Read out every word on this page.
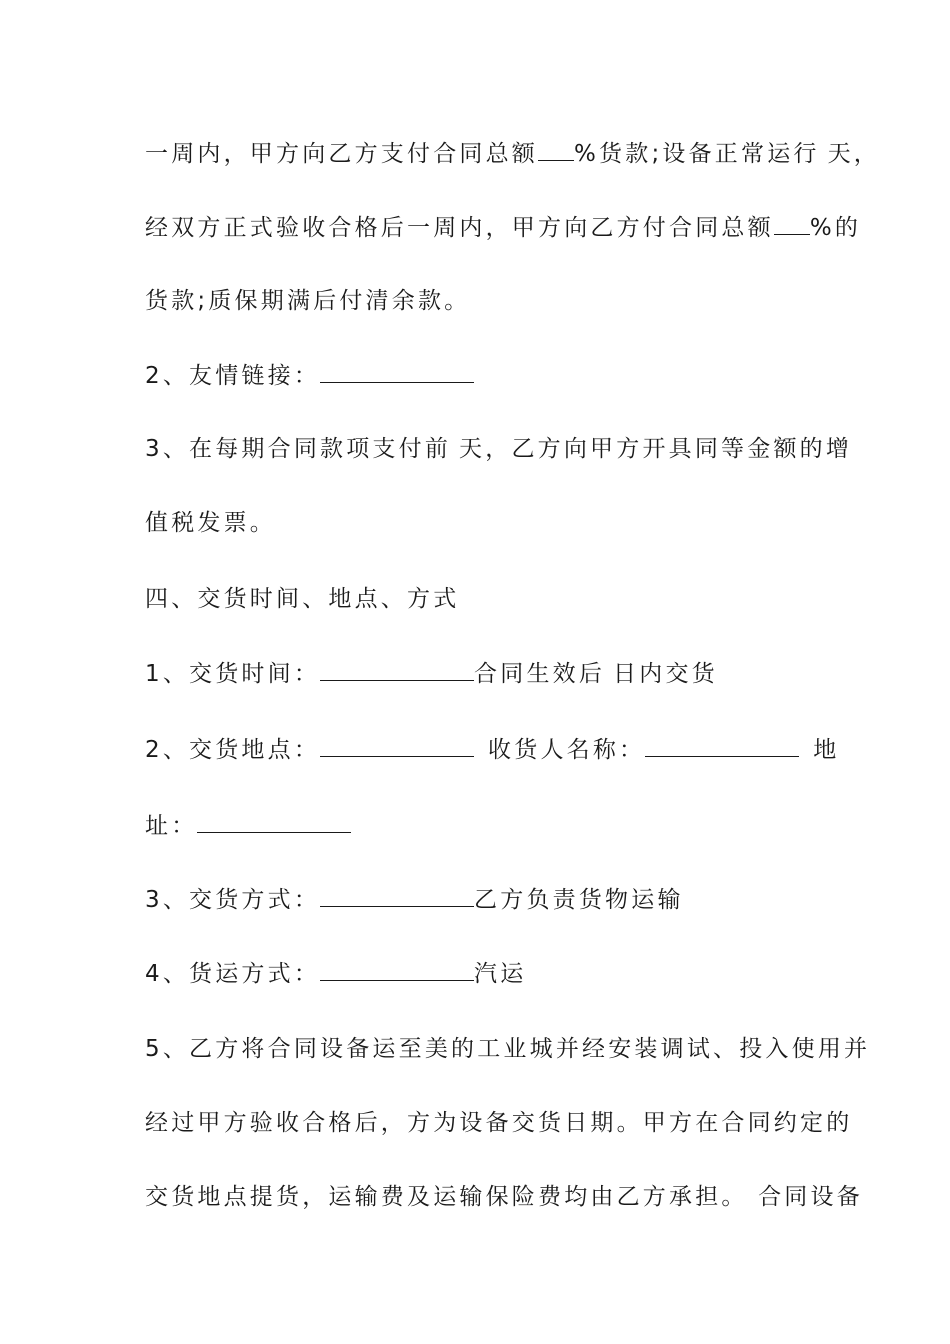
一周内，甲方向乙方支付合同总额 %货款;设备正常运行 天，
经双方正式验收合格后一周内，甲方向乙方付合同总额 %的
货款;质保期满后付清余款。
2、友情链接：
3、在每期合同款项支付前 天，乙方向甲方开具同等金额的增
值税发票。
四、交货时间、地点、方式
1、交货时间：	合同生效后 日内交货
2、交货地点：	收货人名称：	地
址：
3、交货方式：	乙方负责货物运输
4、货运方式：	汽运
5、乙方将合同设备运至美的工业城并经安装调试、投入使用并
经过甲方验收合格后，方为设备交货日期。甲方在合同约定的
交货地点提货，运输费及运输保险费均由乙方承担。 合同设备
